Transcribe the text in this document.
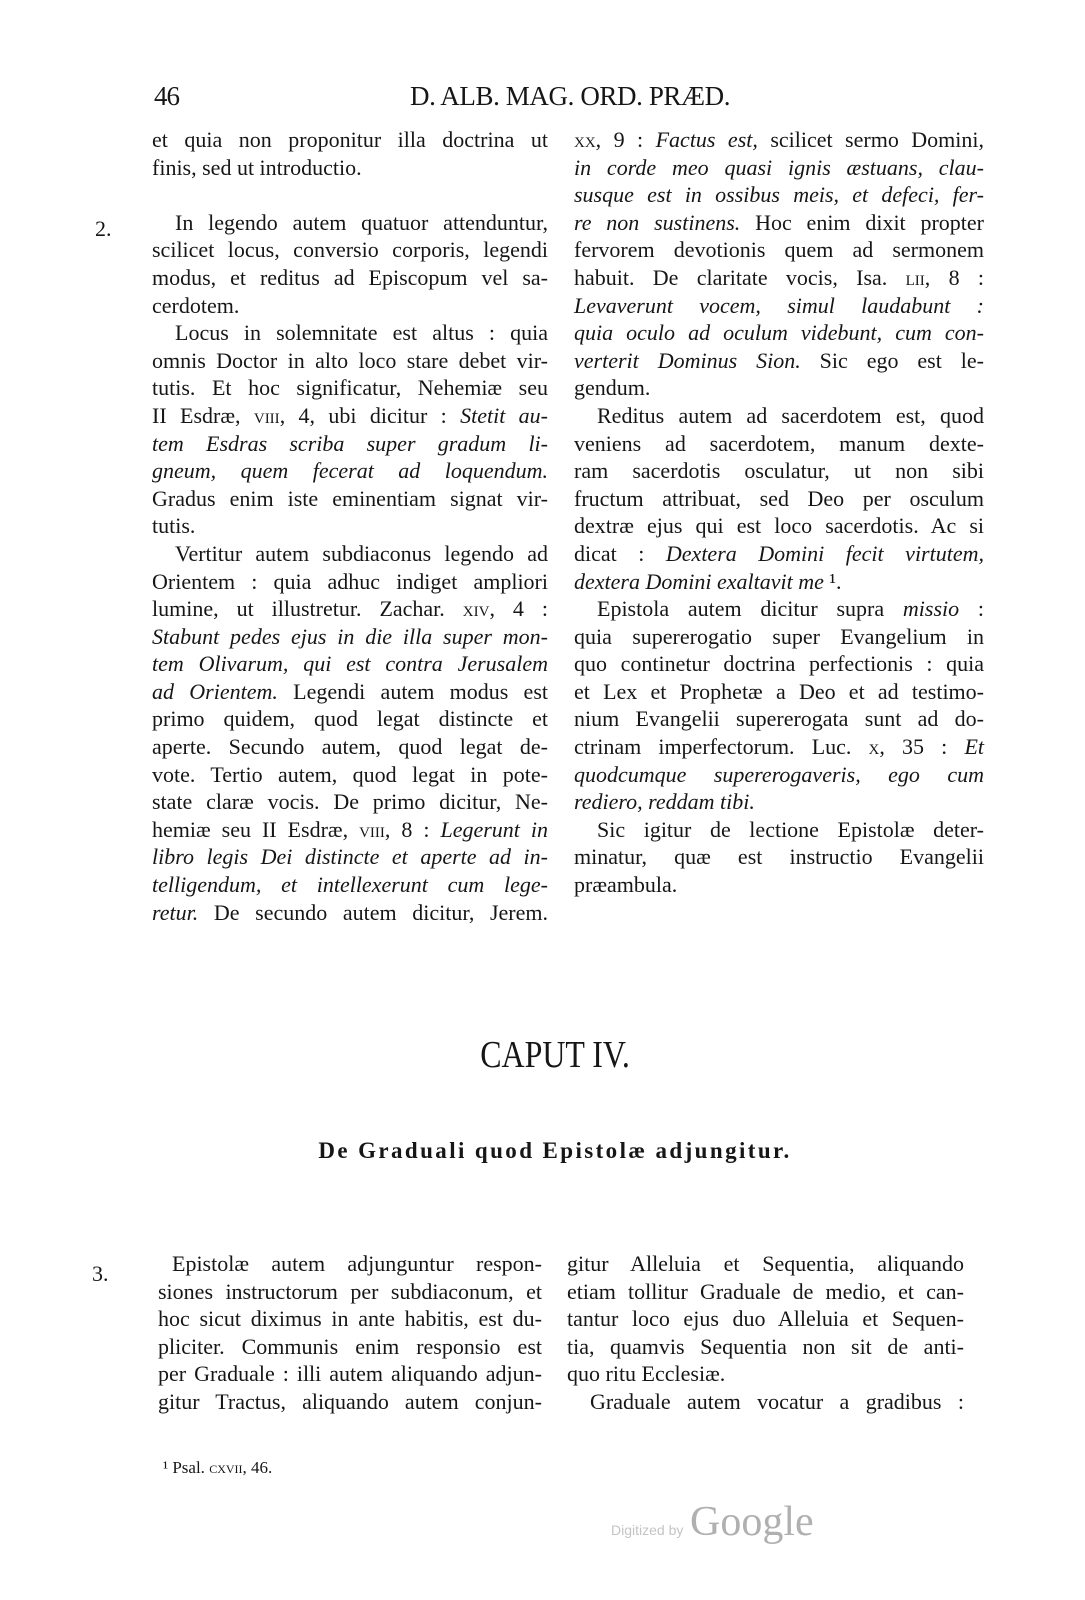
46	D. ALB. MAG. ORD. PRÆD.
2.
et quia non proponitur illa doctrina ut
finis, sed ut introductio.
In legendo autem quatuor attenduntur,
scilicet locus, conversio corporis, legendi
modus, et reditus ad Episcopum vel sa-
cerdotem.
Locus in solemnitate est altus : quia
omnis Doctor in alto loco stare debet vir-
tutis. Et hoc significatur, Nehemiæ seu
II Esdræ, viii, 4, ubi dicitur : Stetit au-
tem Esdras scriba super gradum li-
gneum, quem fecerat ad loquendum.
Gradus enim iste eminentiam signat vir-
tutis.
Vertitur autem subdiaconus legendo ad
Orientem : quia adhuc indiget ampliori
lumine, ut illustretur. Zachar. xiv, 4 :
Stabunt pedes ejus in die illa super mon-
tem Olivarum, qui est contra Jerusalem
ad Orientem. Legendi autem modus est
primo quidem, quod legat distincte et
aperte. Secundo autem, quod legat de-
vote. Tertio autem, quod legat in pote-
state claræ vocis. De primo dicitur, Ne-
hemiæ seu II Esdræ, viii, 8 : Legerunt in
libro legis Dei distincte et aperte ad in-
telligendum, et intellexerunt cum lege-
retur. De secundo autem dicitur, Jerem.
xx, 9 : Factus est, scilicet sermo Domini,
in corde meo quasi ignis æstuans, clau-
susque est in ossibus meis, et defeci, fer-
re non sustinens. Hoc enim dixit propter
fervorem devotionis quem ad sermonem
habuit. De claritate vocis, Isa. lii, 8 :
Levaverunt vocem, simul laudabunt :
quia oculo ad oculum videbunt, cum con-
verterit Dominus Sion. Sic ego est le-
gendum.
Reditus autem ad sacerdotem est, quod
veniens ad sacerdotem, manum dexte-
ram sacerdotis osculatur, ut non sibi
fructum attribuat, sed Deo per osculum
dextræ ejus qui est loco sacerdotis. Ac si
dicat : Dextera Domini fecit virtutem,
dextera Domini exaltavit me ¹.
Epistola autem dicitur supra missio :
quia supererogatio super Evangelium in
quo continetur doctrina perfectionis : quia
et Lex et Prophetæ a Deo et ad testimo-
nium Evangelii supererogata sunt ad do-
ctrinam imperfectorum. Luc. x, 35 : Et
quodcumque supererogaveris, ego cum
rediero, reddam tibi.
Sic igitur de lectione Epistolæ deter-
minatur, quæ est instructio Evangelii
præambula.
CAPUT IV.
De Graduali quod Epistolæ adjungitur.
3.	Epistolæ autem adjunguntur respon-
siones instructorum per subdiaconum, et
hoc sicut diximus in ante habitis, est du-
pliciter. Communis enim responsio est
per Graduale : illi autem aliquando adjun-
gitur Tractus, aliquando autem conjun-
gitur Alleluia et Sequentia, aliquando
etiam tollitur Graduale de medio, et can-
tantur loco ejus duo Alleluia et Sequen-
tia, quamvis Sequentia non sit de anti-
quo ritu Ecclesiæ.
Graduale autem vocatur a gradibus :
¹ Psal. cxvii, 46.
Digitized by Google
